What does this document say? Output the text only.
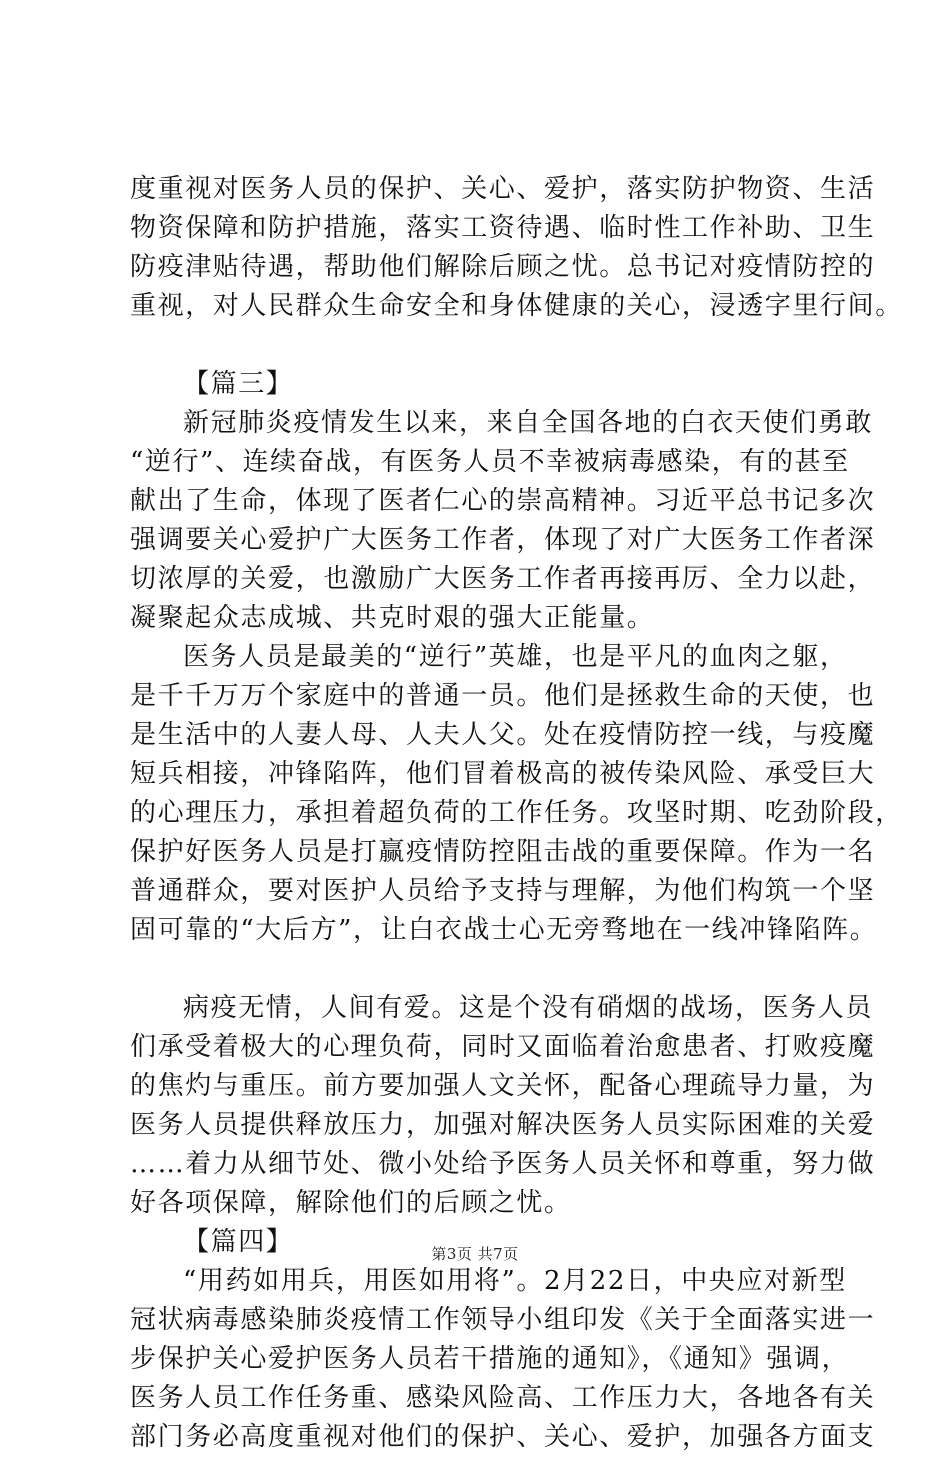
度重视对医务人员的保护、关心、爱护，落实防护物资、生活
物资保障和防护措施，落实工资待遇、临时性工作补助、卫生
防疫津贴待遇，帮助他们解除后顾之忧。总书记对疫情防控的
重视，对人民群众生命安全和身体健康的关心，浸透字里行间。
【篇三】
新冠肺炎疫情发生以来，来自全国各地的白衣天使们勇敢
“逆行”、连续奋战，有医务人员不幸被病毒感染，有的甚至
献出了生命，体现了医者仁心的崇高精神。习近平总书记多次
强调要关心爱护广大医务工作者，体现了对广大医务工作者深
切浓厚的关爱，也激励广大医务工作者再接再厉、全力以赴，
凝聚起众志成城、共克时艰的强大正能量。
医务人员是最美的“逆行”英雄，也是平凡的血肉之躯，
是千千万万个家庭中的普通一员。他们是拯救生命的天使，也
是生活中的人妻人母、人夫人父。处在疫情防控一线，与疫魔
短兵相接，冲锋陷阵，他们冒着极高的被传染风险、承受巨大
的心理压力，承担着超负荷的工作任务。攻坚时期、吃劲阶段，
保护好医务人员是打赢疫情防控阻击战的重要保障。作为一名
普通群众，要对医护人员给予支持与理解，为他们构筑一个坚
固可靠的“大后方”，让白衣战士心无旁骛地在一线冲锋陷阵。
病疫无情，人间有爱。这是个没有硝烟的战场，医务人员
们承受着极大的心理负荷，同时又面临着治愈患者、打败疫魔
的焦灼与重压。前方要加强人文关怀，配备心理疏导力量，为
医务人员提供释放压力，加强对解决医务人员实际困难的关爱
……着力从细节处、微小处给予医务人员关怀和尊重，努力做
好各项保障，解除他们的后顾之忧。
【篇四】
“用药如用兵，用医如用将”。2月22日，中央应对新型
冠状病毒感染肺炎疫情工作领导小组印发《关于全面落实进一
步保护关心爱护医务人员若干措施的通知》，《通知》强调，
医务人员工作任务重、感染风险高、工作压力大，各地各有关
部门务必高度重视对他们的保护、关心、爱护，加强各方面支
第3页 共7页
